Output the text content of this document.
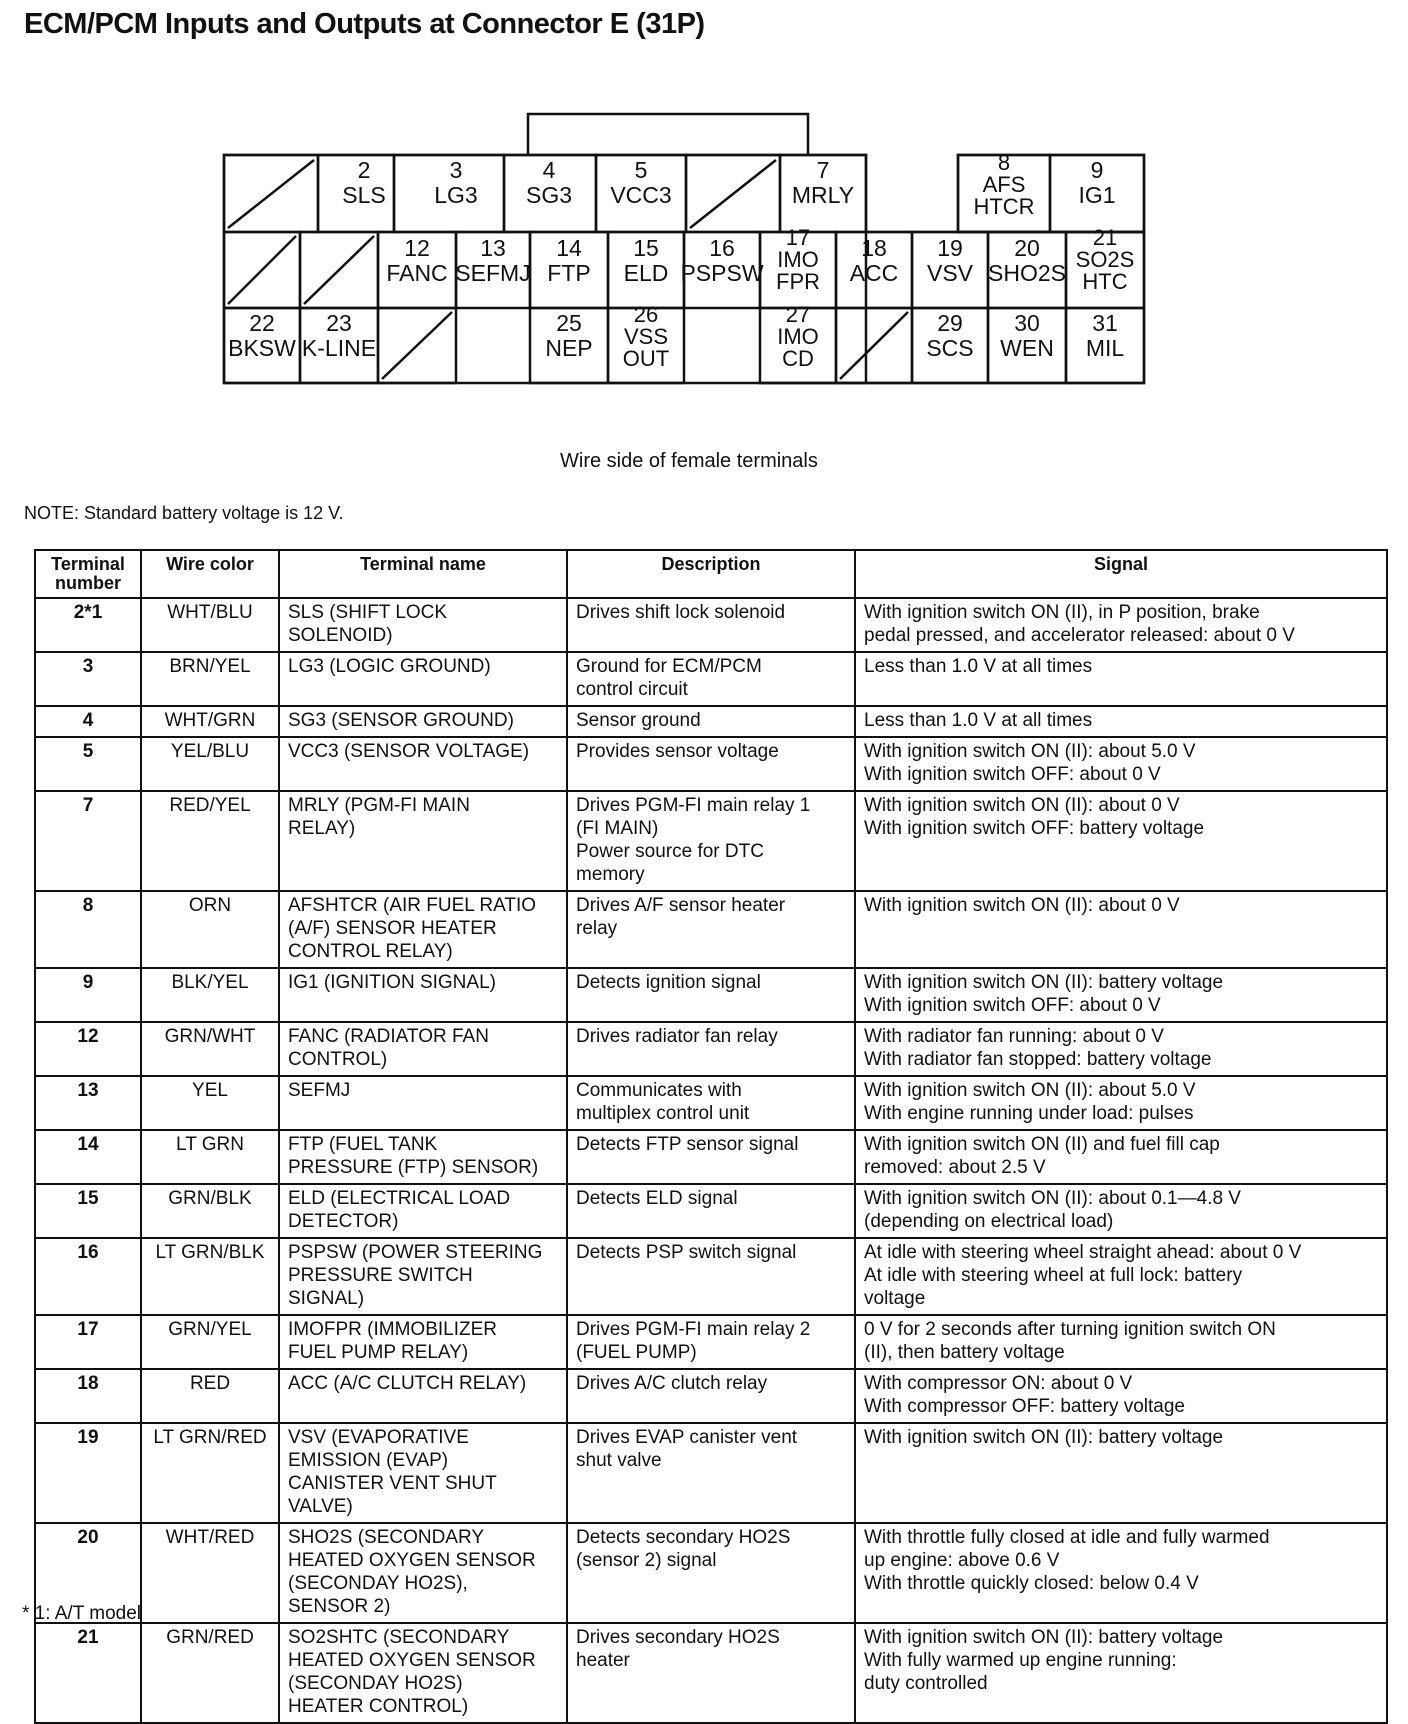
ECM/PCM Inputs and Outputs at Connector E (31P)
2
SLS
3
LG3
4
SG3
5
VCC3
7
MRLY
8
AFS
HTCR
9
IG1
12
FANC
13
SEFMJ
14
FTP
15
ELD
16
PSPSW
17
IMO
FPR
18
ACC
19
VSV
20
SHO2S
21
SO2S
HTC
22
BKSW
23
K-LINE
25
NEP
26
VSS
OUT
27
IMO
CD
29
SCS
30
WEN
31
MIL
Wire side of female terminals
NOTE: Standard battery voltage is 12 V.
Terminal number	Wire color	Terminal name	Description	Signal
2*1	WHT/BLU	SLS (SHIFT LOCK
SOLENOID)	Drives shift lock solenoid	With ignition switch ON (II), in P position, brake
pedal pressed, and accelerator released: about 0 V

3	BRN/YEL	LG3 (LOGIC GROUND)	Ground for ECM/PCM
control circuit	Less than 1.0 V at all times

4	WHT/GRN	SG3 (SENSOR GROUND)	Sensor ground	Less than 1.0 V at all times

5	YEL/BLU	VCC3 (SENSOR VOLTAGE)	Provides sensor voltage	With ignition switch ON (II): about 5.0 V
With ignition switch OFF: about 0 V

7	RED/YEL	MRLY (PGM-FI MAIN
RELAY)	Drives PGM-FI main relay 1
(FI MAIN)
Power source for DTC
memory	With ignition switch ON (II): about 0 V
With ignition switch OFF: battery voltage

8	ORN	AFSHTCR (AIR FUEL RATIO
(A/F) SENSOR HEATER
CONTROL RELAY)	Drives A/F sensor heater
relay	With ignition switch ON (II): about 0 V

9	BLK/YEL	IG1 (IGNITION SIGNAL)	Detects ignition signal	With ignition switch ON (II): battery voltage
With ignition switch OFF: about 0 V

12	GRN/WHT	FANC (RADIATOR FAN
CONTROL)	Drives radiator fan relay	With radiator fan running: about 0 V
With radiator fan stopped: battery voltage

13	YEL	SEFMJ	Communicates with
multiplex control unit	With ignition switch ON (II): about 5.0 V
With engine running under load: pulses

14	LT GRN	FTP (FUEL TANK
PRESSURE (FTP) SENSOR)	Detects FTP sensor signal	With ignition switch ON (II) and fuel fill cap
removed: about 2.5 V

15	GRN/BLK	ELD (ELECTRICAL LOAD
DETECTOR)	Detects ELD signal	With ignition switch ON (II): about 0.1—4.8 V
(depending on electrical load)

16	LT GRN/BLK	PSPSW (POWER STEERING
PRESSURE SWITCH
SIGNAL)	Detects PSP switch signal	At idle with steering wheel straight ahead: about 0 V
At idle with steering wheel at full lock: battery
voltage

17	GRN/YEL	IMOFPR (IMMOBILIZER
FUEL PUMP RELAY)	Drives PGM-FI main relay 2
(FUEL PUMP)	0 V for 2 seconds after turning ignition switch ON
(II), then battery voltage

18	RED	ACC (A/C CLUTCH RELAY)	Drives A/C clutch relay	With compressor ON: about 0 V
With compressor OFF: battery voltage

19	LT GRN/RED	VSV (EVAPORATIVE
EMISSION (EVAP)
CANISTER VENT SHUT
VALVE)	Drives EVAP canister vent
shut valve	With ignition switch ON (II): battery voltage

20	WHT/RED	SHO2S (SECONDARY
HEATED OXYGEN SENSOR
(SECONDAY HO2S),
SENSOR 2)	Detects secondary HO2S
(sensor 2) signal	With throttle fully closed at idle and fully warmed
up engine: above 0.6 V
With throttle quickly closed: below 0.4 V

21	GRN/RED	SO2SHTC (SECONDARY
HEATED OXYGEN SENSOR
(SECONDAY HO2S)
HEATER CONTROL)	Drives secondary HO2S
heater	With ignition switch ON (II): battery voltage
With fully warmed up engine running:
duty controlled
* 1: A/T model
